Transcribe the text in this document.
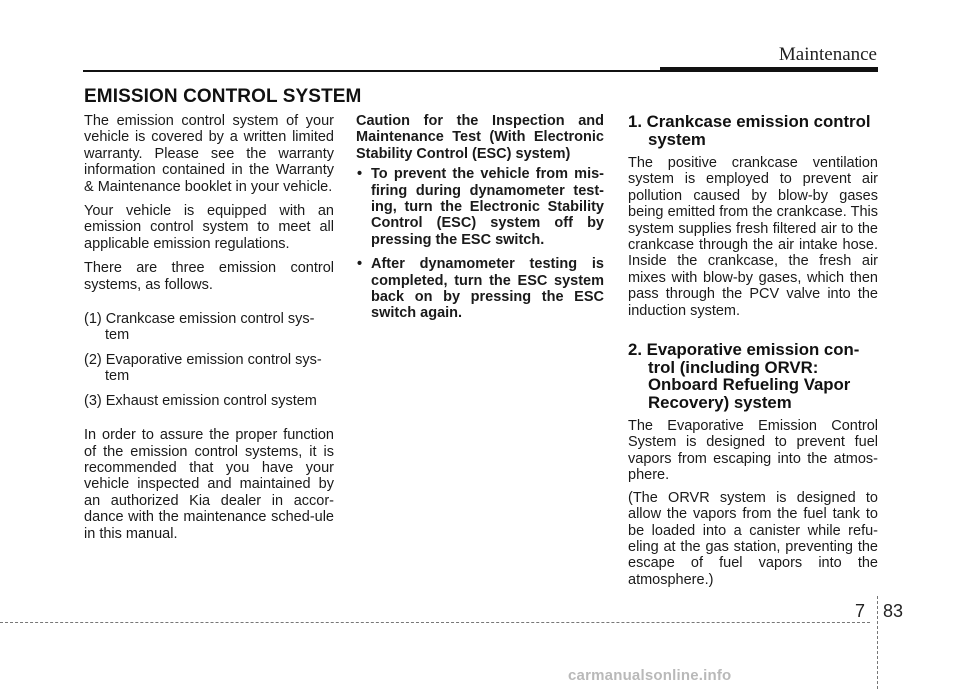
Maintenance
EMISSION CONTROL SYSTEM

The emission control system of your vehicle is covered by a written limited warranty. Please see the warranty information contained in the Warranty & Maintenance booklet in your vehicle.

Your vehicle is equipped with an emission control system to meet all applicable emission regulations.

There are three emission control systems, as follows.

(1) Crankcase emission control sys-tem

(2) Evaporative emission control sys-tem

(3) Exhaust emission control system

In order to assure the proper function of the emission control systems, it is recommended that you have your vehicle inspected and maintained by an authorized Kia dealer in accor-dance with the maintenance sched-ule in this manual.

Caution for the Inspection and Maintenance Test (With Electronic Stability Control (ESC) system)

• To prevent the vehicle from mis-firing during dynamometer test-ing, turn the Electronic Stability Control (ESC) system off by pressing the ESC switch.

• After dynamometer testing is completed, turn the ESC system back on by pressing the ESC switch again.

1. Crankcase emission control system

The positive crankcase ventilation system is employed to prevent air pollution caused by blow-by gases being emitted from the crankcase. This system supplies fresh filtered air to the crankcase through the air intake hose. Inside the crankcase, the fresh air mixes with blow-by gases, which then pass through the PCV valve into the induction system.

2. Evaporative emission con-trol (including ORVR: Onboard Refueling Vapor Recovery) system

The Evaporative Emission Control System is designed to prevent fuel vapors from escaping into the atmos-phere.

(The ORVR system is designed to allow the vapors from the fuel tank to be loaded into a canister while refu-eling at the gas station, preventing the escape of fuel vapors into the atmosphere.)

7 83
carmanualsonline.info
